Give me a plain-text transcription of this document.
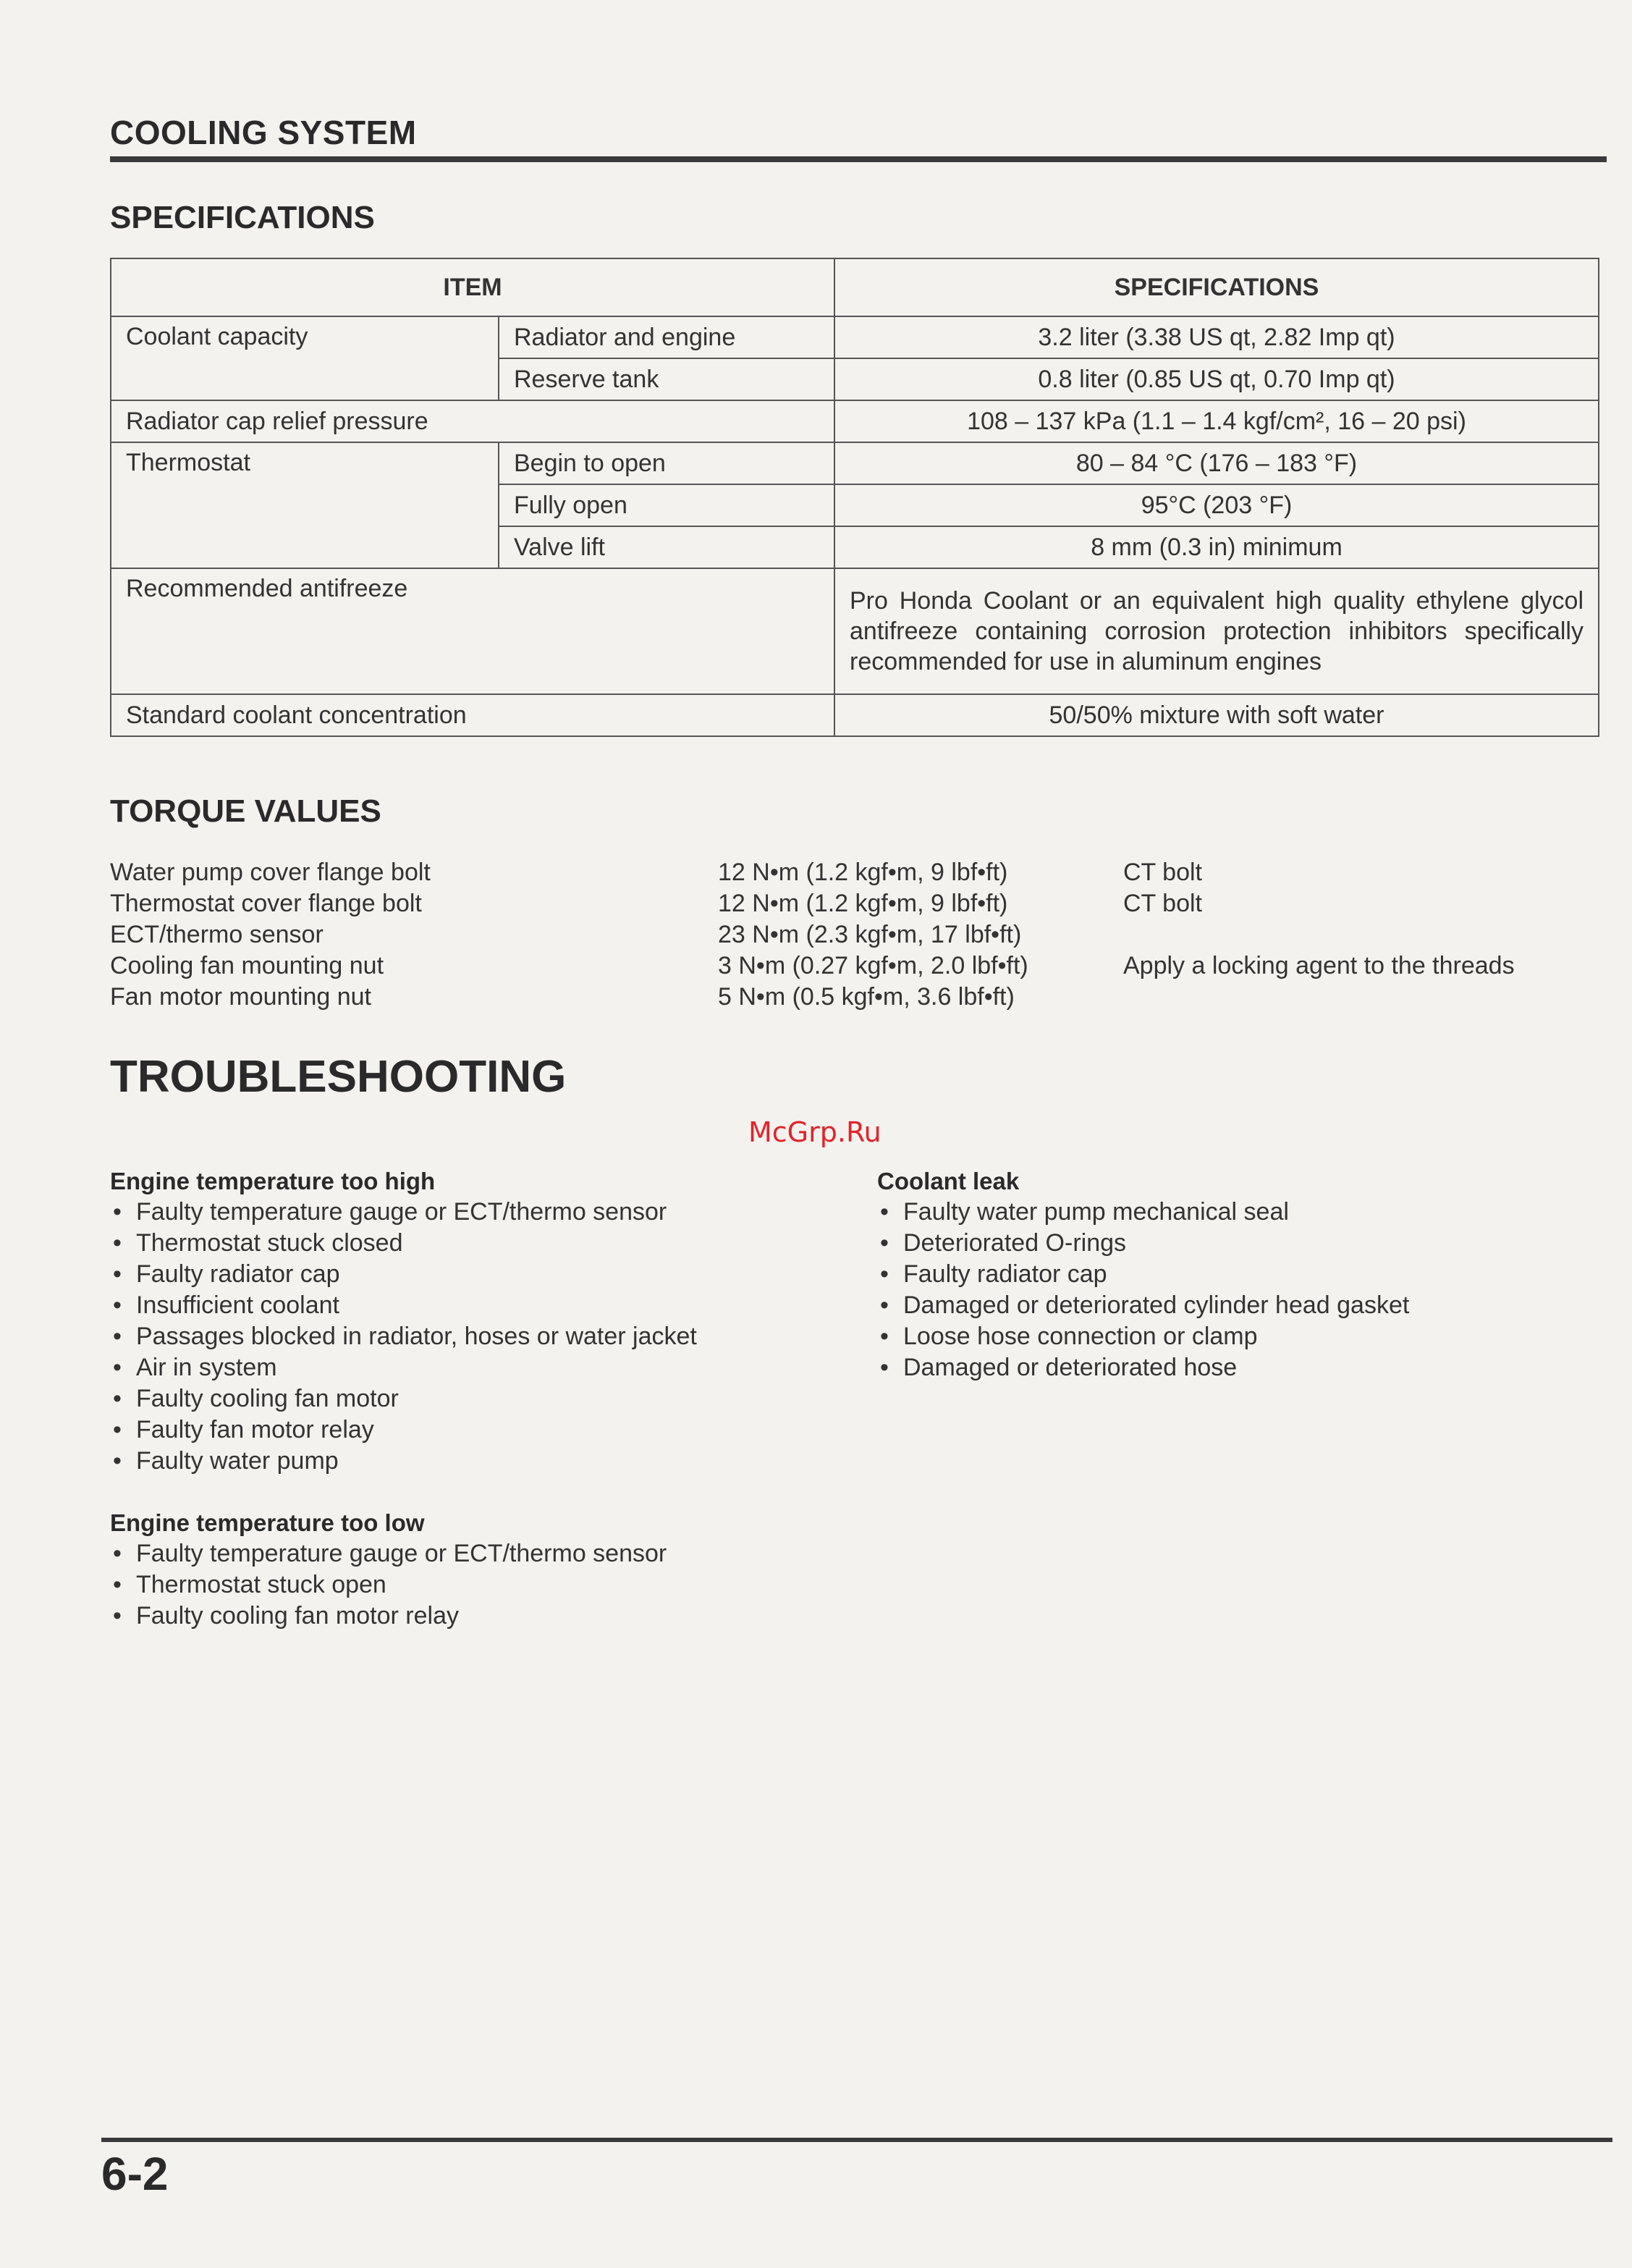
COOLING SYSTEM
SPECIFICATIONS
ITEM		SPECIFICATIONS
Coolant capacity	Radiator and engine	3.2 liter (3.38 US qt, 2.82 Imp qt)
	Reserve tank	0.8 liter (0.85 US qt, 0.70 Imp qt)
Radiator cap relief pressure		108 – 137 kPa (1.1 – 1.4 kgf/cm², 16 – 20 psi)
Thermostat	Begin to open	80 – 84 °C (176 – 183 °F)
	Fully open	95°C (203 °F)
	Valve lift	8 mm (0.3 in) minimum
Recommended antifreeze		Pro Honda Coolant or an equivalent high quality ethylene glycol antifreeze containing corrosion protection inhibitors specifically recommended for use in aluminum engines
Standard coolant concentration		50/50% mixture with soft water
TORQUE VALUES
Water pump cover flange bolt	12 N•m (1.2 kgf•m, 9 lbf•ft)	CT bolt
Thermostat cover flange bolt	12 N•m (1.2 kgf•m, 9 lbf•ft)	CT bolt
ECT/thermo sensor	23 N•m (2.3 kgf•m, 17 lbf•ft)
Cooling fan mounting nut	3 N•m (0.27 kgf•m, 2.0 lbf•ft)	Apply a locking agent to the threads
Fan motor mounting nut	5 N•m (0.5 kgf•m, 3.6 lbf•ft)
TROUBLESHOOTING
McGrp.Ru
Engine temperature too high
• Faulty temperature gauge or ECT/thermo sensor
• Thermostat stuck closed
• Faulty radiator cap
• Insufficient coolant
• Passages blocked in radiator, hoses or water jacket
• Air in system
• Faulty cooling fan motor
• Faulty fan motor relay
• Faulty water pump
Coolant leak
• Faulty water pump mechanical seal
• Deteriorated O-rings
• Faulty radiator cap
• Damaged or deteriorated cylinder head gasket
• Loose hose connection or clamp
• Damaged or deteriorated hose
Engine temperature too low
• Faulty temperature gauge or ECT/thermo sensor
• Thermostat stuck open
• Faulty cooling fan motor relay
6-2
